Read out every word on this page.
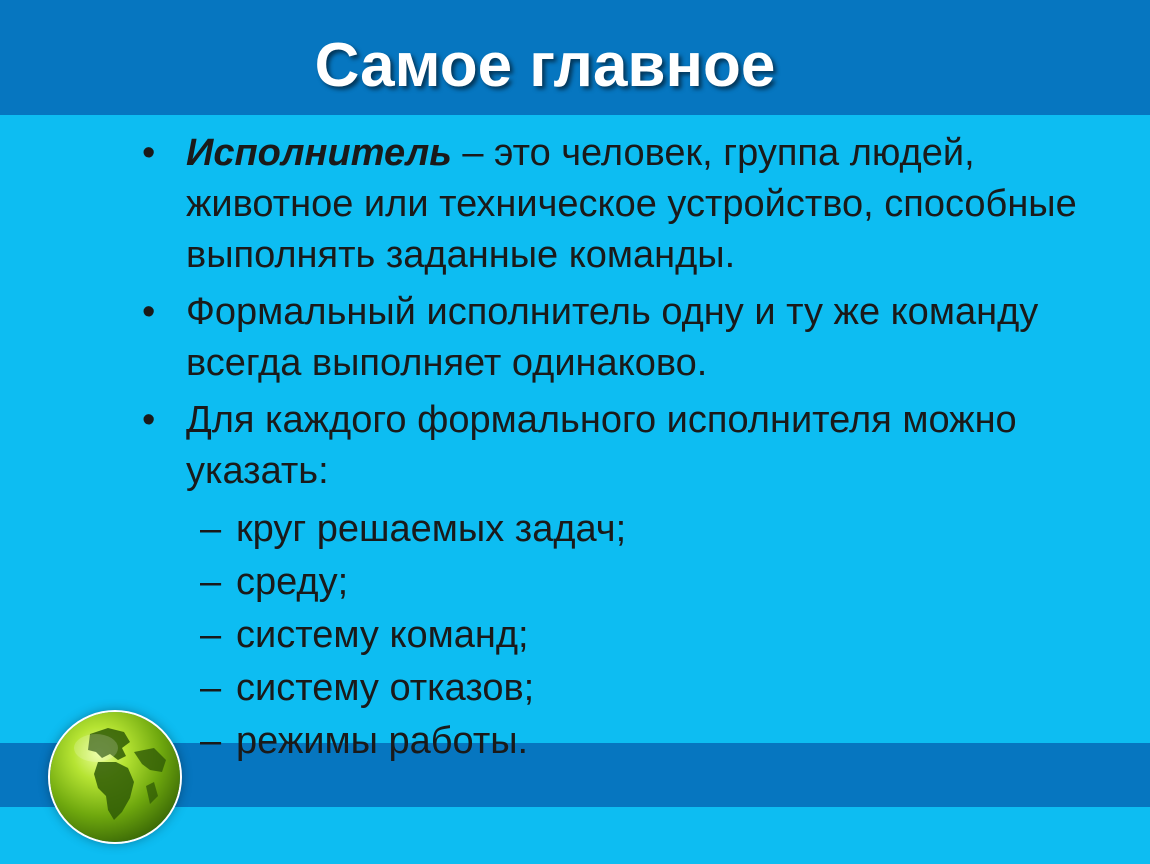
Самое главное
• Исполнитель – это человек, группа людей, животное или техническое устройство, способные выполнять заданные команды.
• Формальный исполнитель одну и ту же команду всегда выполняет одинаково.
• Для каждого формального исполнителя можно указать:
– круг решаемых задач;
– среду;
– систему команд;
– систему отказов;
– режимы работы.
